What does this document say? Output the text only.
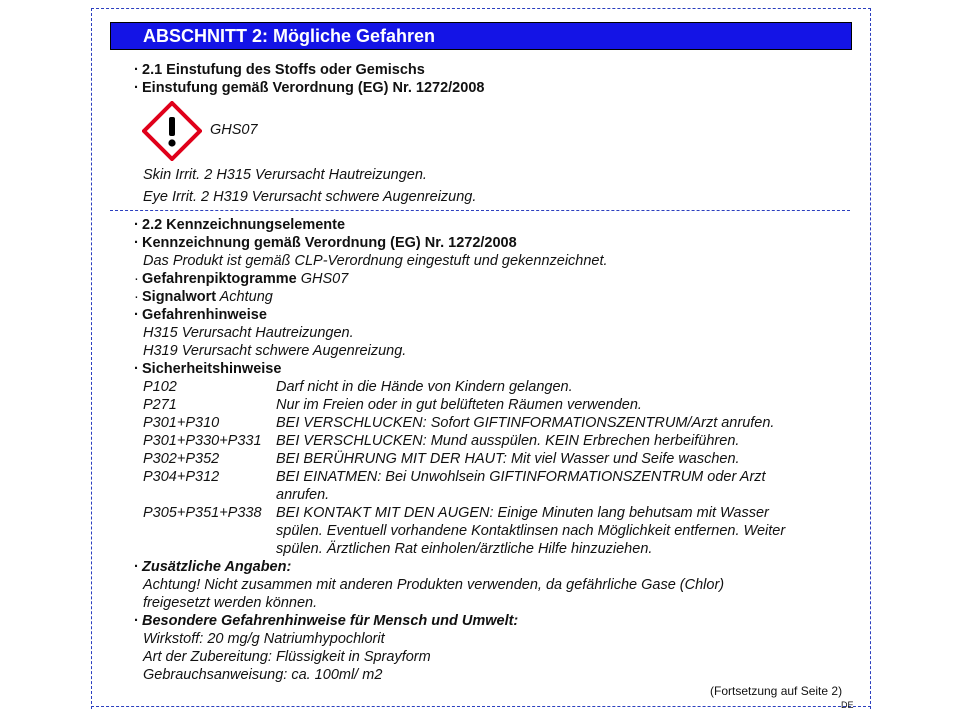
ABSCHNITT 2: Mögliche Gefahren
· 2.1 Einstufung des Stoffs oder Gemischs
· Einstufung gemäß Verordnung (EG) Nr. 1272/2008
GHS07
Skin Irrit. 2 H315 Verursacht Hautreizungen.
Eye Irrit. 2 H319 Verursacht schwere Augenreizung.
· 2.2 Kennzeichnungselemente
· Kennzeichnung gemäß Verordnung (EG) Nr. 1272/2008
Das Produkt ist gemäß CLP-Verordnung eingestuft und gekennzeichnet.
· Gefahrenpiktogramme GHS07
· Signalwort Achtung
· Gefahrenhinweise
H315 Verursacht Hautreizungen.
H319 Verursacht schwere Augenreizung.
· Sicherheitshinweise
P102	Darf nicht in die Hände von Kindern gelangen.
P271	Nur im Freien oder in gut belüfteten Räumen verwenden.
P301+P310	BEI VERSCHLUCKEN: Sofort GIFTINFORMATIONSZENTRUM/Arzt anrufen.
P301+P330+P331 BEI VERSCHLUCKEN: Mund ausspülen. KEIN Erbrechen herbeiführen.
P302+P352	BEI BERÜHRUNG MIT DER HAUT: Mit viel Wasser und Seife waschen.
P304+P312	BEI EINATMEN: Bei Unwohlsein GIFTINFORMATIONSZENTRUM oder Arzt
anrufen.
P305+P351+P338 BEI KONTAKT MIT DEN AUGEN: Einige Minuten lang behutsam mit Wasser
spülen. Eventuell vorhandene Kontaktlinsen nach Möglichkeit entfernen. Weiter
spülen. Ärztlichen Rat einholen/ärztliche Hilfe hinzuziehen.
· Zusätzliche Angaben:
Achtung! Nicht zusammen mit anderen Produkten verwenden, da gefährliche Gase (Chlor)
freigesetzt werden können.
· Besondere Gefahrenhinweise für Mensch und Umwelt:
Wirkstoff: 20 mg/g Natriumhypochlorit
Art der Zubereitung: Flüssigkeit in Sprayform
Gebrauchsanweisung: ca. 100ml/ m2
(Fortsetzung auf Seite 2)
DE
